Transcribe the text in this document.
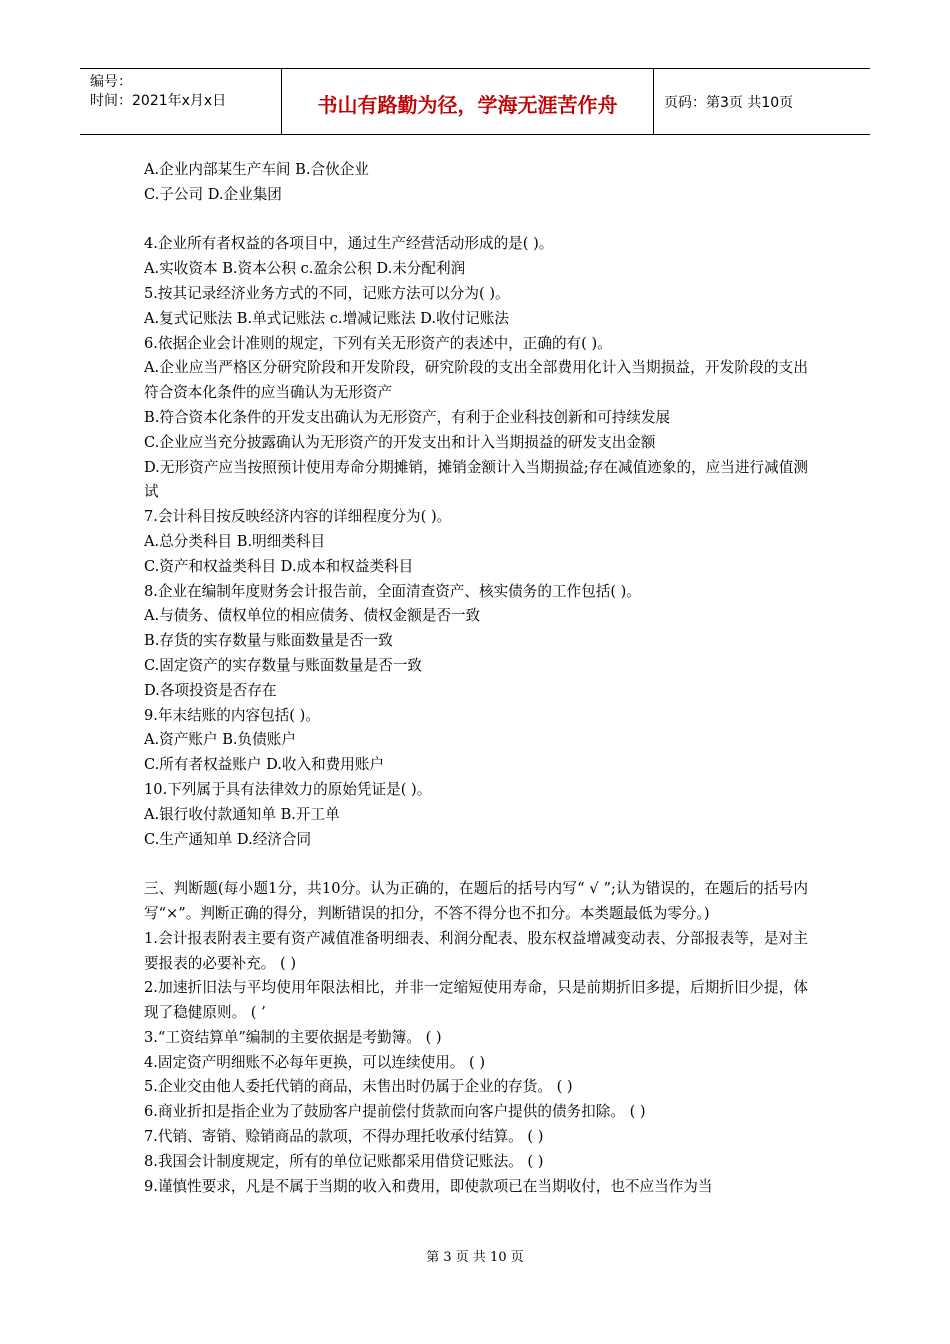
编号：
时间：2021年x月x日	书山有路勤为径，学海无涯苦作舟	页码：第3页 共10页

A.企业内部某生产车间 B.合伙企业

C.子公司 D.企业集团

4.企业所有者权益的各项目中，通过生产经营活动形成的是( )。

A.实收资本 B.资本公积 c.盈余公积 D.未分配利润

5.按其记录经济业务方式的不同，记账方法可以分为( )。

A.复式记账法 B.单式记账法 c.增减记账法 D.收付记账法

6.依据企业会计准则的规定，下列有关无形资产的表述中，正确的有( )。

A.企业应当严格区分研究阶段和开发阶段，研究阶段的支出全部费用化计入当期损益，开发阶段的支出符合资本化条件的应当确认为无形资产

B.符合资本化条件的开发支出确认为无形资产，有利于企业科技创新和可持续发展

C.企业应当充分披露确认为无形资产的开发支出和计入当期损益的研发支出金额

D.无形资产应当按照预计使用寿命分期摊销，摊销金额计入当期损益;存在减值迹象的，应当进行减值测试

7.会计科目按反映经济内容的详细程度分为( )。

A.总分类科目 B.明细类科目

C.资产和权益类科目 D.成本和权益类科目

8.企业在编制年度财务会计报告前，全面清查资产、核实债务的工作包括( )。

A.与债务、债权单位的相应债务、债权金额是否一致

B.存货的实存数量与账面数量是否一致

C.固定资产的实存数量与账面数量是否一致

D.各项投资是否存在

9.年末结账的内容包括( )。

A.资产账户 B.负债账户

C.所有者权益账户 D.收入和费用账户

10.下列属于具有法律效力的原始凭证是( )。

A.银行收付款通知单 B.开工单

C.生产通知单 D.经济合同

三、判断题(每小题1分，共10分。认为正确的，在题后的括号内写“ √ ”;认为错误的，在题后的括号内写“×”。判断正确的得分，判断错误的扣分，不答不得分也不扣分。本类题最低为零分。)

1.会计报表附表主要有资产减值准备明细表、利润分配表、股东权益增减变动表、分部报表等，是对主要报表的必要补充。 ( )

2.加速折旧法与平均使用年限法相比，并非一定缩短使用寿命，只是前期折旧多提，后期折旧少提，体现了稳健原则。 ( ’

3.“工资结算单”编制的主要依据是考勤簿。 ( )

4.固定资产明细账不必每年更换，可以连续使用。 ( )

5.企业交由他人委托代销的商品，未售出时仍属于企业的存货。 ( )

6.商业折扣是指企业为了鼓励客户提前偿付货款而向客户提供的债务扣除。 ( )

7.代销、寄销、赊销商品的款项，不得办理托收承付结算。 ( )

8.我国会计制度规定，所有的单位记账都采用借贷记账法。 ( )

9.谨慎性要求，凡是不属于当期的收入和费用，即使款项已在当期收付，也不应当作为当

第 3 页 共 10 页
